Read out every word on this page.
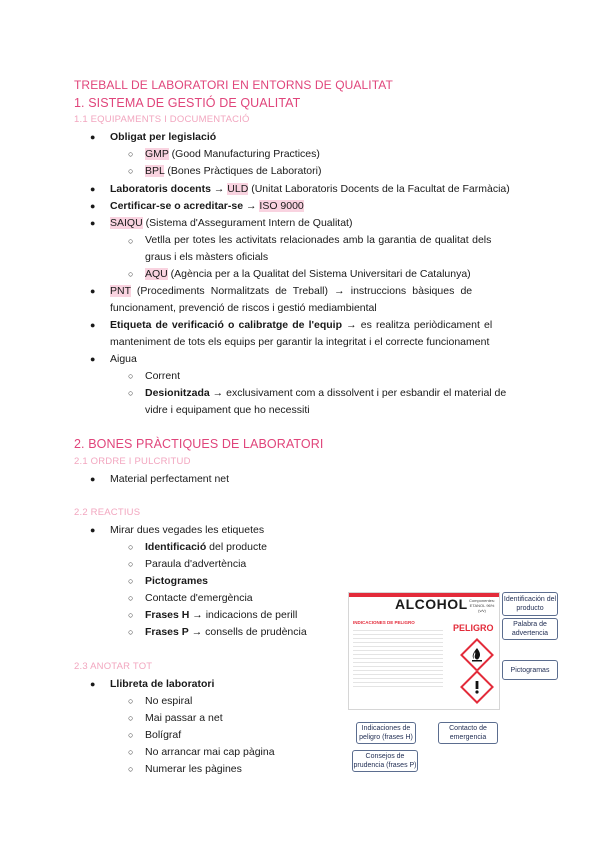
TREBALL DE LABORATORI EN ENTORNS DE QUALITAT
1. SISTEMA DE GESTIÓ DE QUALITAT
1.1 EQUIPAMENTS I DOCUMENTACIÓ
● Obligat per legislació
○ GMP (Good Manufacturing Practices)
○ BPL (Bones Pràctiques de Laboratori)
● Laboratoris docents → ULD (Unitat Laboratoris Docents de la Facultat de Farmàcia)
● Certificar-se o acreditar-se → ISO 9000
● SAIQU (Sistema d'Assegurament Intern de Qualitat)
○ Vetlla per totes les activitats relacionades amb la garantia de qualitat dels
graus i els màsters oficials
○ AQU (Agència per a la Qualitat del Sistema Universitari de Catalunya)
● PNT (Procediments Normalitzats de Treball) → instruccions bàsiques de
funcionament, prevenció de riscos i gestió mediambiental
● Etiqueta de verificació o calibratge de l'equip → es realitza periòdicament el
manteniment de tots els equips per garantir la integritat i el correcte funcionament
● Aigua
○ Corrent
○ Desionitzada → exclusivament com a dissolvent i per esbandir el material de
vidre i equipament que ho necessiti
2. BONES PRÀCTIQUES DE LABORATORI
2.1 ORDRE I PULCRITUD
● Material perfectament net
2.2 REACTIUS
● Mirar dues vegades les etiquetes
○ Identificació del producte
○ Paraula d'advertència
○ Pictogrames
○ Contacte d'emergència
○ Frases H → indicacions de perill
○ Frases P → consells de prudència
2.3 ANOTAR TOT
● Llibreta de laboratori
○ No espiral
○ Mai passar a net
○ Bolígraf
○ No arrancar mai cap pàgina
○ Numerar les pàgines
ALCOHOL Componentes: ETANOL 96% (v/v)
INDICACIONES DE PELIGRO
PELIGRO
Identificación del producto
Palabra de advertencia
Pictogramas
Indicaciones de peligro (frases H)
Contacto de emergencia
Consejos de prudencia (frases P)
